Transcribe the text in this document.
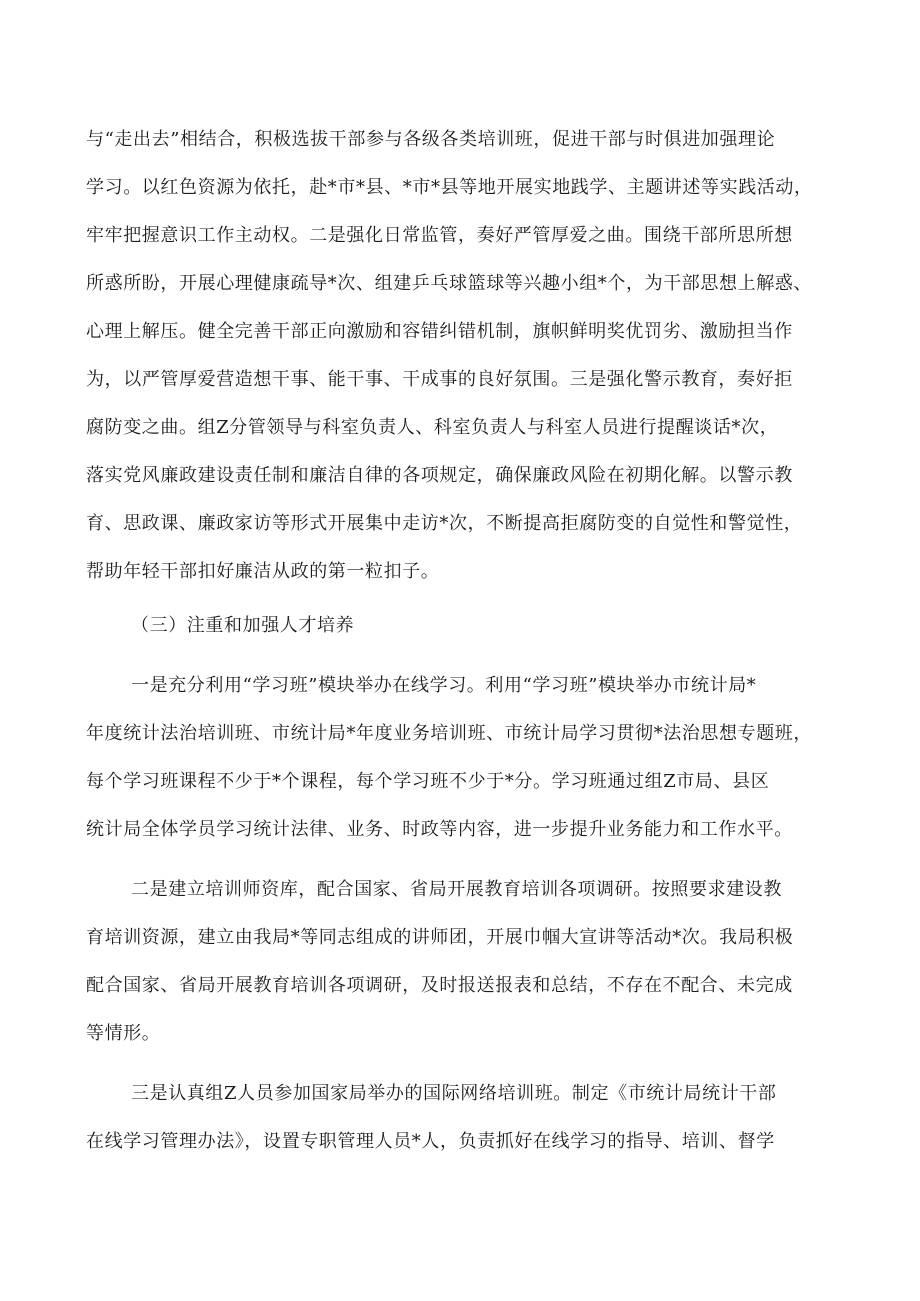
与“走出去”相结合，积极选拔干部参与各级各类培训班，促进干部与时俱进加强理论
学习。以红色资源为依托，赴*市*县、*市*县等地开展实地践学、主题讲述等实践活动，
牢牢把握意识工作主动权。二是强化日常监管，奏好严管厚爱之曲。围绕干部所思所想
所惑所盼，开展心理健康疏导*次、组建乒乓球篮球等兴趣小组*个，为干部思想上解惑、
心理上解压。健全完善干部正向激励和容错纠错机制，旗帜鲜明奖优罚劣、激励担当作
为，以严管厚爱营造想干事、能干事、干成事的良好氛围。三是强化警示教育，奏好拒
腐防变之曲。组Z分管领导与科室负责人、科室负责人与科室人员进行提醒谈话*次，
落实党风廉政建设责任制和廉洁自律的各项规定，确保廉政风险在初期化解。以警示教
育、思政课、廉政家访等形式开展集中走访*次，不断提高拒腐防变的自觉性和警觉性，
帮助年轻干部扣好廉洁从政的第一粒扣子。
（三）注重和加强人才培养
一是充分利用“学习班”模块举办在线学习。利用“学习班”模块举办市统计局*
年度统计法治培训班、市统计局*年度业务培训班、市统计局学习贯彻*法治思想专题班，
每个学习班课程不少于*个课程，每个学习班不少于*分。学习班通过组Z市局、县区
统计局全体学员学习统计法律、业务、时政等内容，进一步提升业务能力和工作水平。
二是建立培训师资库，配合国家、省局开展教育培训各项调研。按照要求建设教
育培训资源，建立由我局*等同志组成的讲师团，开展巾帼大宣讲等活动*次。我局积极
配合国家、省局开展教育培训各项调研，及时报送报表和总结，不存在不配合、未完成
等情形。
三是认真组Z人员参加国家局举办的国际网络培训班。制定《市统计局统计干部
在线学习管理办法》，设置专职管理人员*人，负责抓好在线学习的指导、培训、督学
